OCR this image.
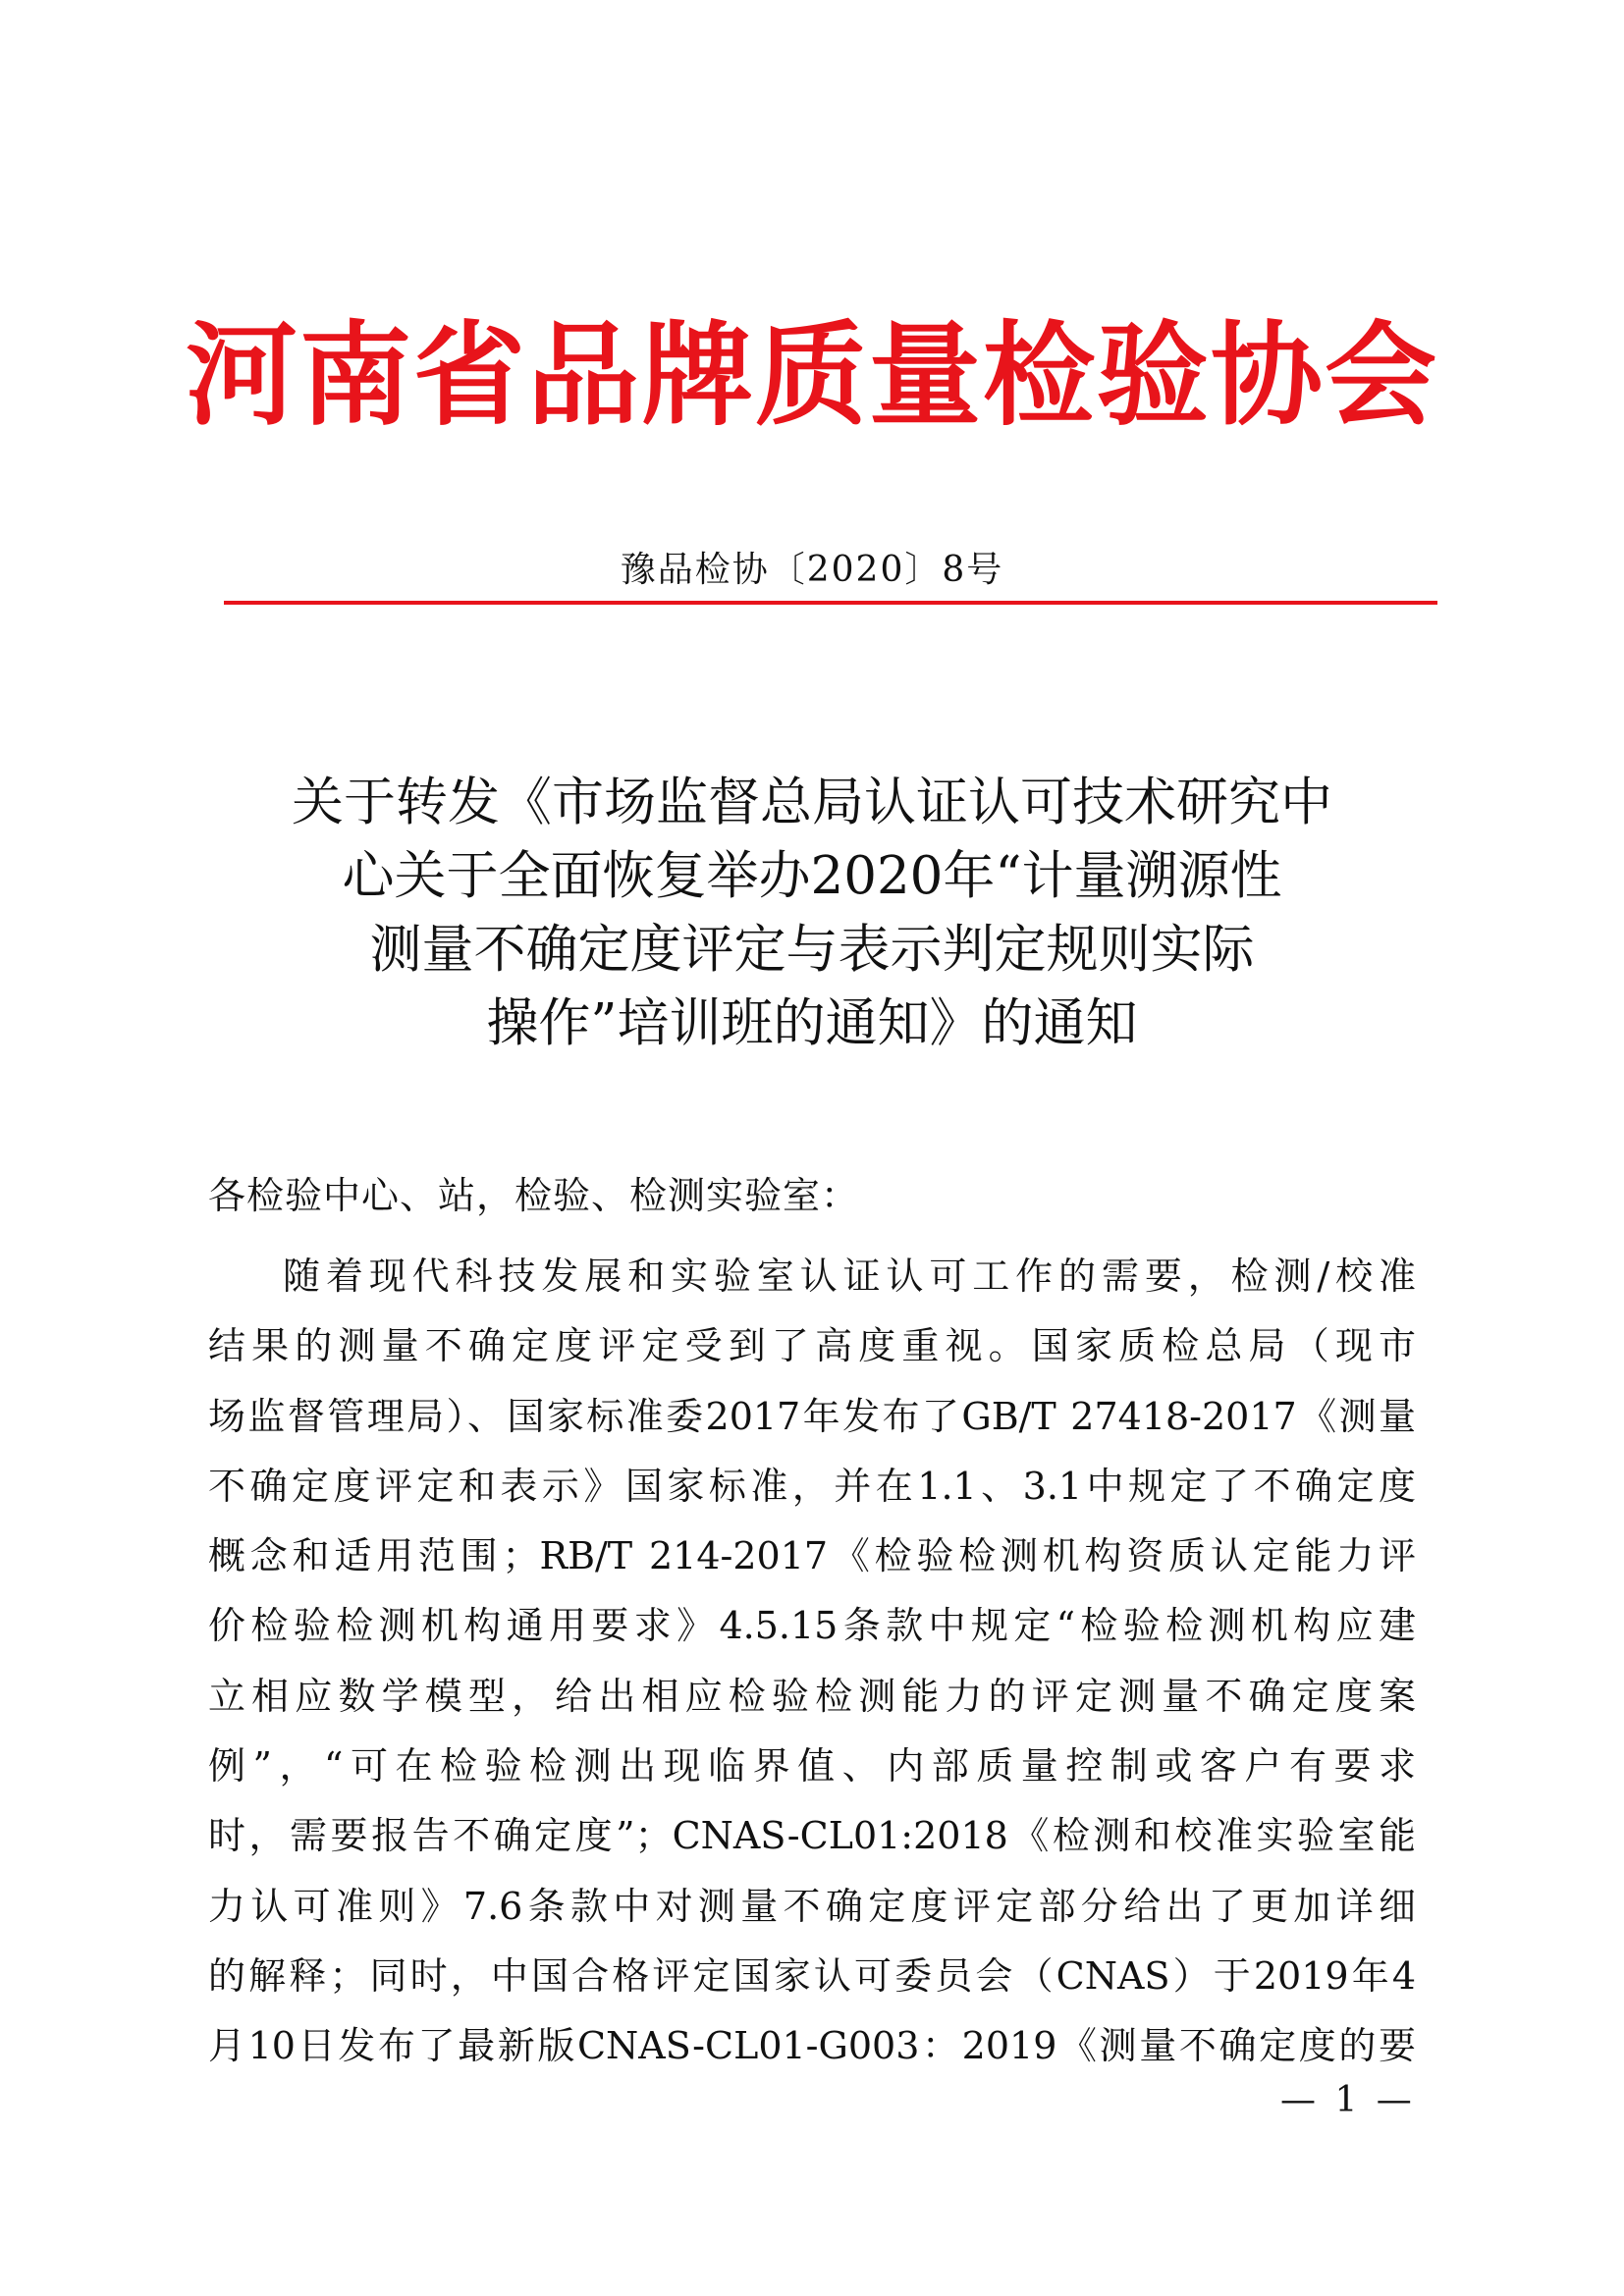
河南省品牌质量检验协会
豫品检协〔2020〕8号
关于转发《市场监督总局认证认可技术研究中
心关于全面恢复举办2020年“计量溯源性
测量不确定度评定与表示判定规则实际
操作”培训班的通知》的通知
各检验中心、站，检验、检测实验室：
随着现代科技发展和实验室认证认可工作的需要，检测/校准
结果的测量不确定度评定受到了高度重视。国家质检总局（现市
场监督管理局）、国家标准委2017年发布了GB/T 27418-2017《测量
不确定度评定和表示》国家标准，并在1.1、3.1中规定了不确定度
概念和适用范围；RB/T 214-2017《检验检测机构资质认定能力评
价检验检测机构通用要求》4.5.15条款中规定“检验检测机构应建
立相应数学模型，给出相应检验检测能力的评定测量不确定度案
例”，“可在检验检测出现临界值、内部质量控制或客户有要求
时，需要报告不确定度”；CNAS-CL01:2018《检测和校准实验室能
力认可准则》7.6条款中对测量不确定度评定部分给出了更加详细
的解释；同时，中国合格评定国家认可委员会（CNAS）于2019年4
月10日发布了最新版CNAS-CL01-G003：2019《测量不确定度的要
— 1 —
